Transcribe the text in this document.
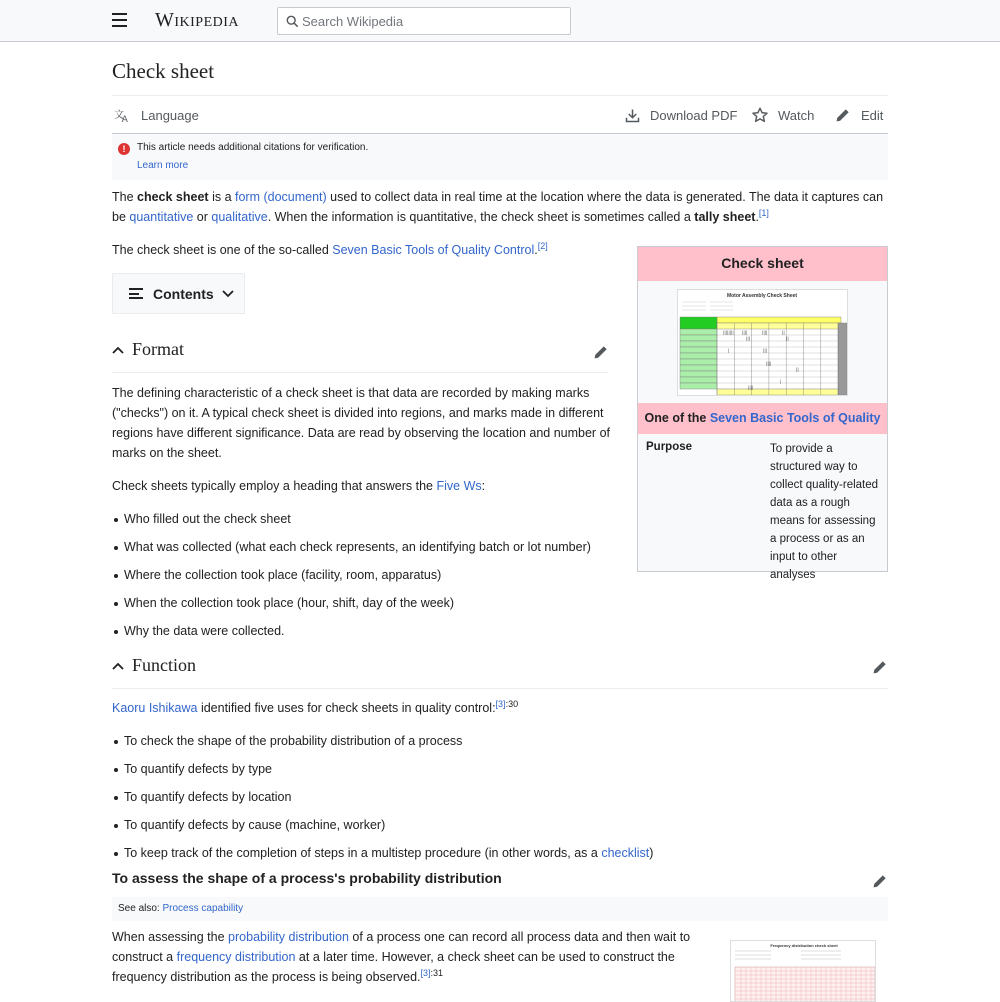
Wikipedia
Search Wikipedia
Check sheet
文
A Language	Download PDF	Watch	Edit
!	This article needs additional citations for verification.
Learn more

The check sheet is a form (document) used to collect data in real time at the location where the data is generated. The data it captures can be quantitative or qualitative. When the information is quantitative, the check sheet is sometimes called a tally sheet.[1]

The check sheet is one of the so-called Seven Basic Tools of Quality Control.[2]

Contents
Format

The defining characteristic of a check sheet is that data are recorded by making marks ("checks") on it. A typical check sheet is divided into regions, and marks made in different regions have different significance. Data are read by observing the location and number of marks on the sheet.

Check sheets typically employ a heading that answers the Five Ws:

Who filled out the check sheet
What was collected (what each check represents, an identifying batch or lot number)
Where the collection took place (facility, room, apparatus)
When the collection took place (hour, shift, day of the week)
Why the data were collected.
Function

Kaoru Ishikawa identified five uses for check sheets in quality control:$^{[3]:30}$

To check the shape of the probability distribution of a process
To quantify defects by type
To quantify defects by location
To quantify defects by cause (machine, worker)
To keep track of the completion of steps in a multistep procedure (in other words, as a checklist)
To assess the shape of a process's probability distribution
See also: Process capability

When assessing the probability distribution of a process one can record all process data and then wait to construct a frequency distribution at a later time. However, a check sheet can be used to construct the frequency distribution as the process is being observed.$^{[3]:31}$

Check sheet
Motor Assembly Check Sheet
|||||||| ||||	||||	||
|||	||
|	|||
||||
||
|
||||
One of the Seven Basic Tools of Quality
Purpose	To provide a structured way to collect quality-related data as a rough means for assessing a process or as an input to other analyses
Frequency distribution check sheet
